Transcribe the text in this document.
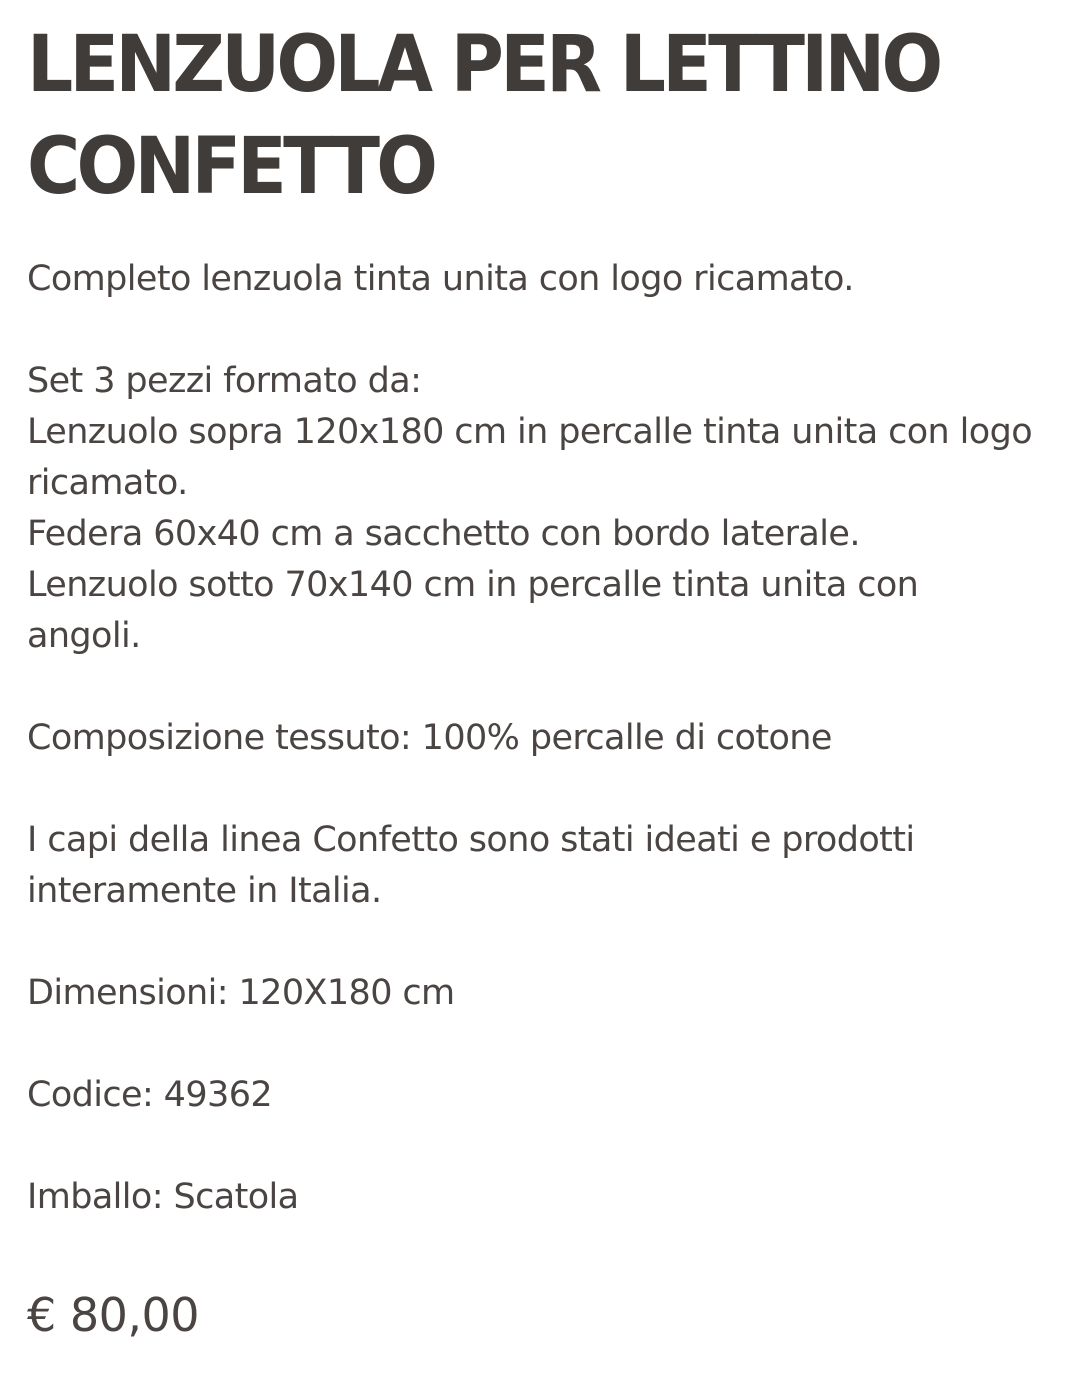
LENZUOLA PER LETTINO
CONFETTO

Completo lenzuola tinta unita con logo ricamato.

Set 3 pezzi formato da:

Lenzuolo sopra 120x180 cm in percalle tinta unita con logo
ricamato.

Federa 60x40 cm a sacchetto con bordo laterale.

Lenzuolo sotto 70x140 cm in percalle tinta unita con
angoli.

Composizione tessuto: 100% percalle di cotone

I capi della linea Confetto sono stati ideati e prodotti
interamente in Italia.

Dimensioni: 120X180 cm

Codice: 49362

Imballo: Scatola

€ 80,00
